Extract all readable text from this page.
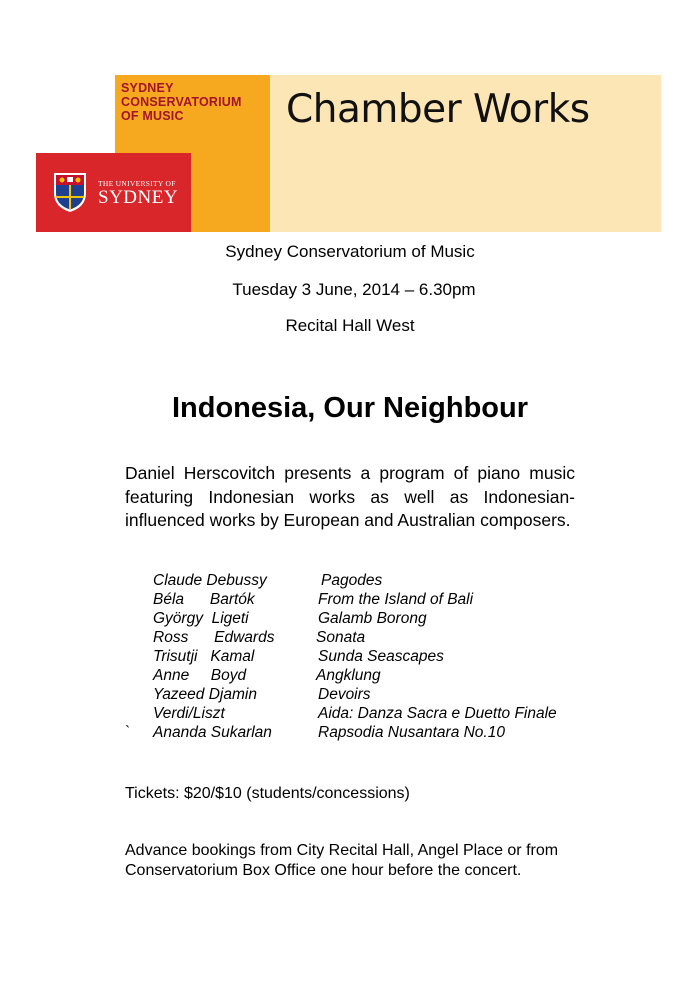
SYDNEY
CONSERVATORIUM
OF MUSIC	Chamber Works
THE UNIVERSITY OF
SYDNEY
Sydney Conservatorium of Music
Tuesday 3 June, 2014 – 6.30pm
Recital Hall West
Indonesia, Our Neighbour
Daniel Herscovitch presents a program of piano music featuring Indonesian works as well as Indonesian-influenced works by European and Australian composers.
Claude Debussy	Pagodes
Béla      Bartók	From the Island of Bali
György  Ligeti	Galamb Borong
Ross      Edwards	Sonata
Trisutji   Kamal	Sunda Seascapes
Anne     Boyd	Angklung
Yazeed Djamin	Devoirs
Verdi/Liszt	Aida: Danza Sacra e Duetto Finale
` Ananda Sukarlan	Rapsodia Nusantara No.10
Tickets: $20/$10 (students/concessions)
Advance bookings from City Recital Hall, Angel Place or from Conservatorium Box Office one hour before the concert.
